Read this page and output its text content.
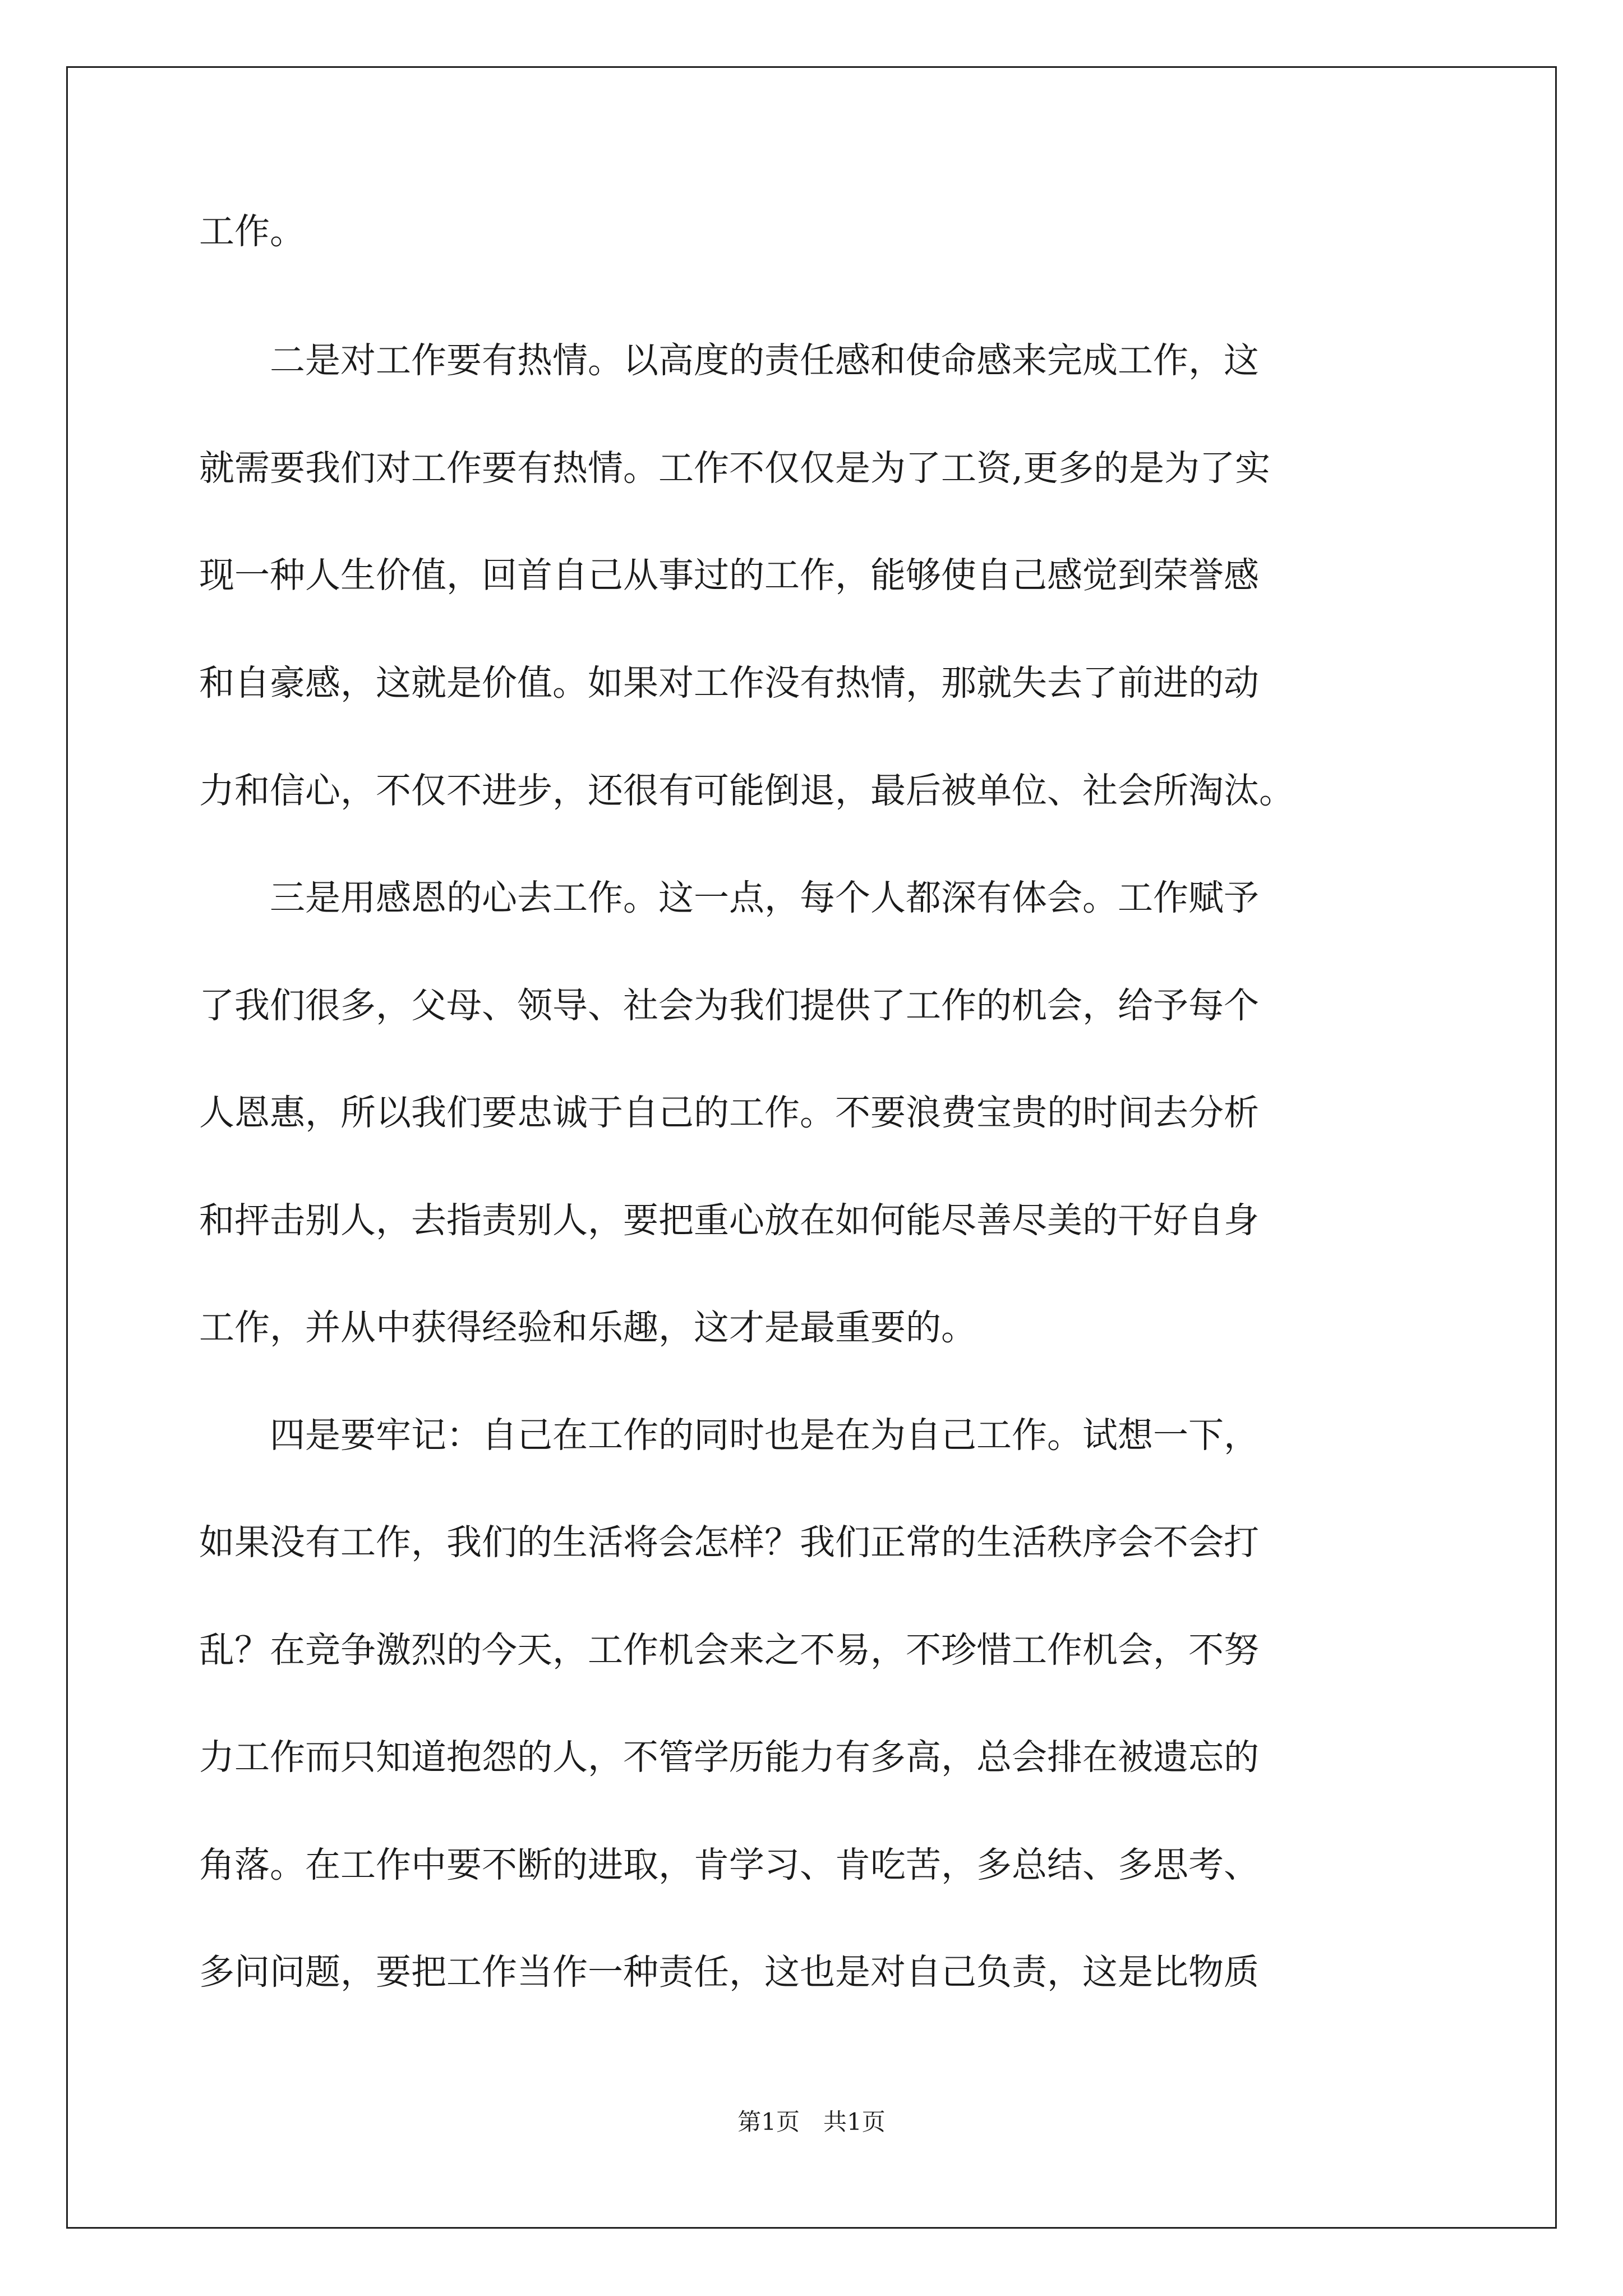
工作。
　　二是对工作要有热情。以高度的责任感和使命感来完成工作，这
就需要我们对工作要有热情。工作不仅仅是为了工资,更多的是为了实
现一种人生价值，回首自己从事过的工作，能够使自己感觉到荣誉感
和自豪感，这就是价值。如果对工作没有热情，那就失去了前进的动
力和信心，不仅不进步，还很有可能倒退，最后被单位、社会所淘汰。
　　三是用感恩的心去工作。这一点，每个人都深有体会。工作赋予
了我们很多，父母、领导、社会为我们提供了工作的机会，给予每个
人恩惠，所以我们要忠诚于自己的工作。不要浪费宝贵的时间去分析
和抨击别人，去指责别人，要把重心放在如何能尽善尽美的干好自身
工作，并从中获得经验和乐趣，这才是最重要的。
　　四是要牢记：自己在工作的同时也是在为自己工作。试想一下，
如果没有工作，我们的生活将会怎样？我们正常的生活秩序会不会打
乱？在竞争激烈的今天，工作机会来之不易，不珍惜工作机会，不努
力工作而只知道抱怨的人，不管学历能力有多高，总会排在被遗忘的
角落。在工作中要不断的进取，肯学习、肯吃苦，多总结、多思考、
多问问题，要把工作当作一种责任，这也是对自己负责，这是比物质
第1页 共1页
